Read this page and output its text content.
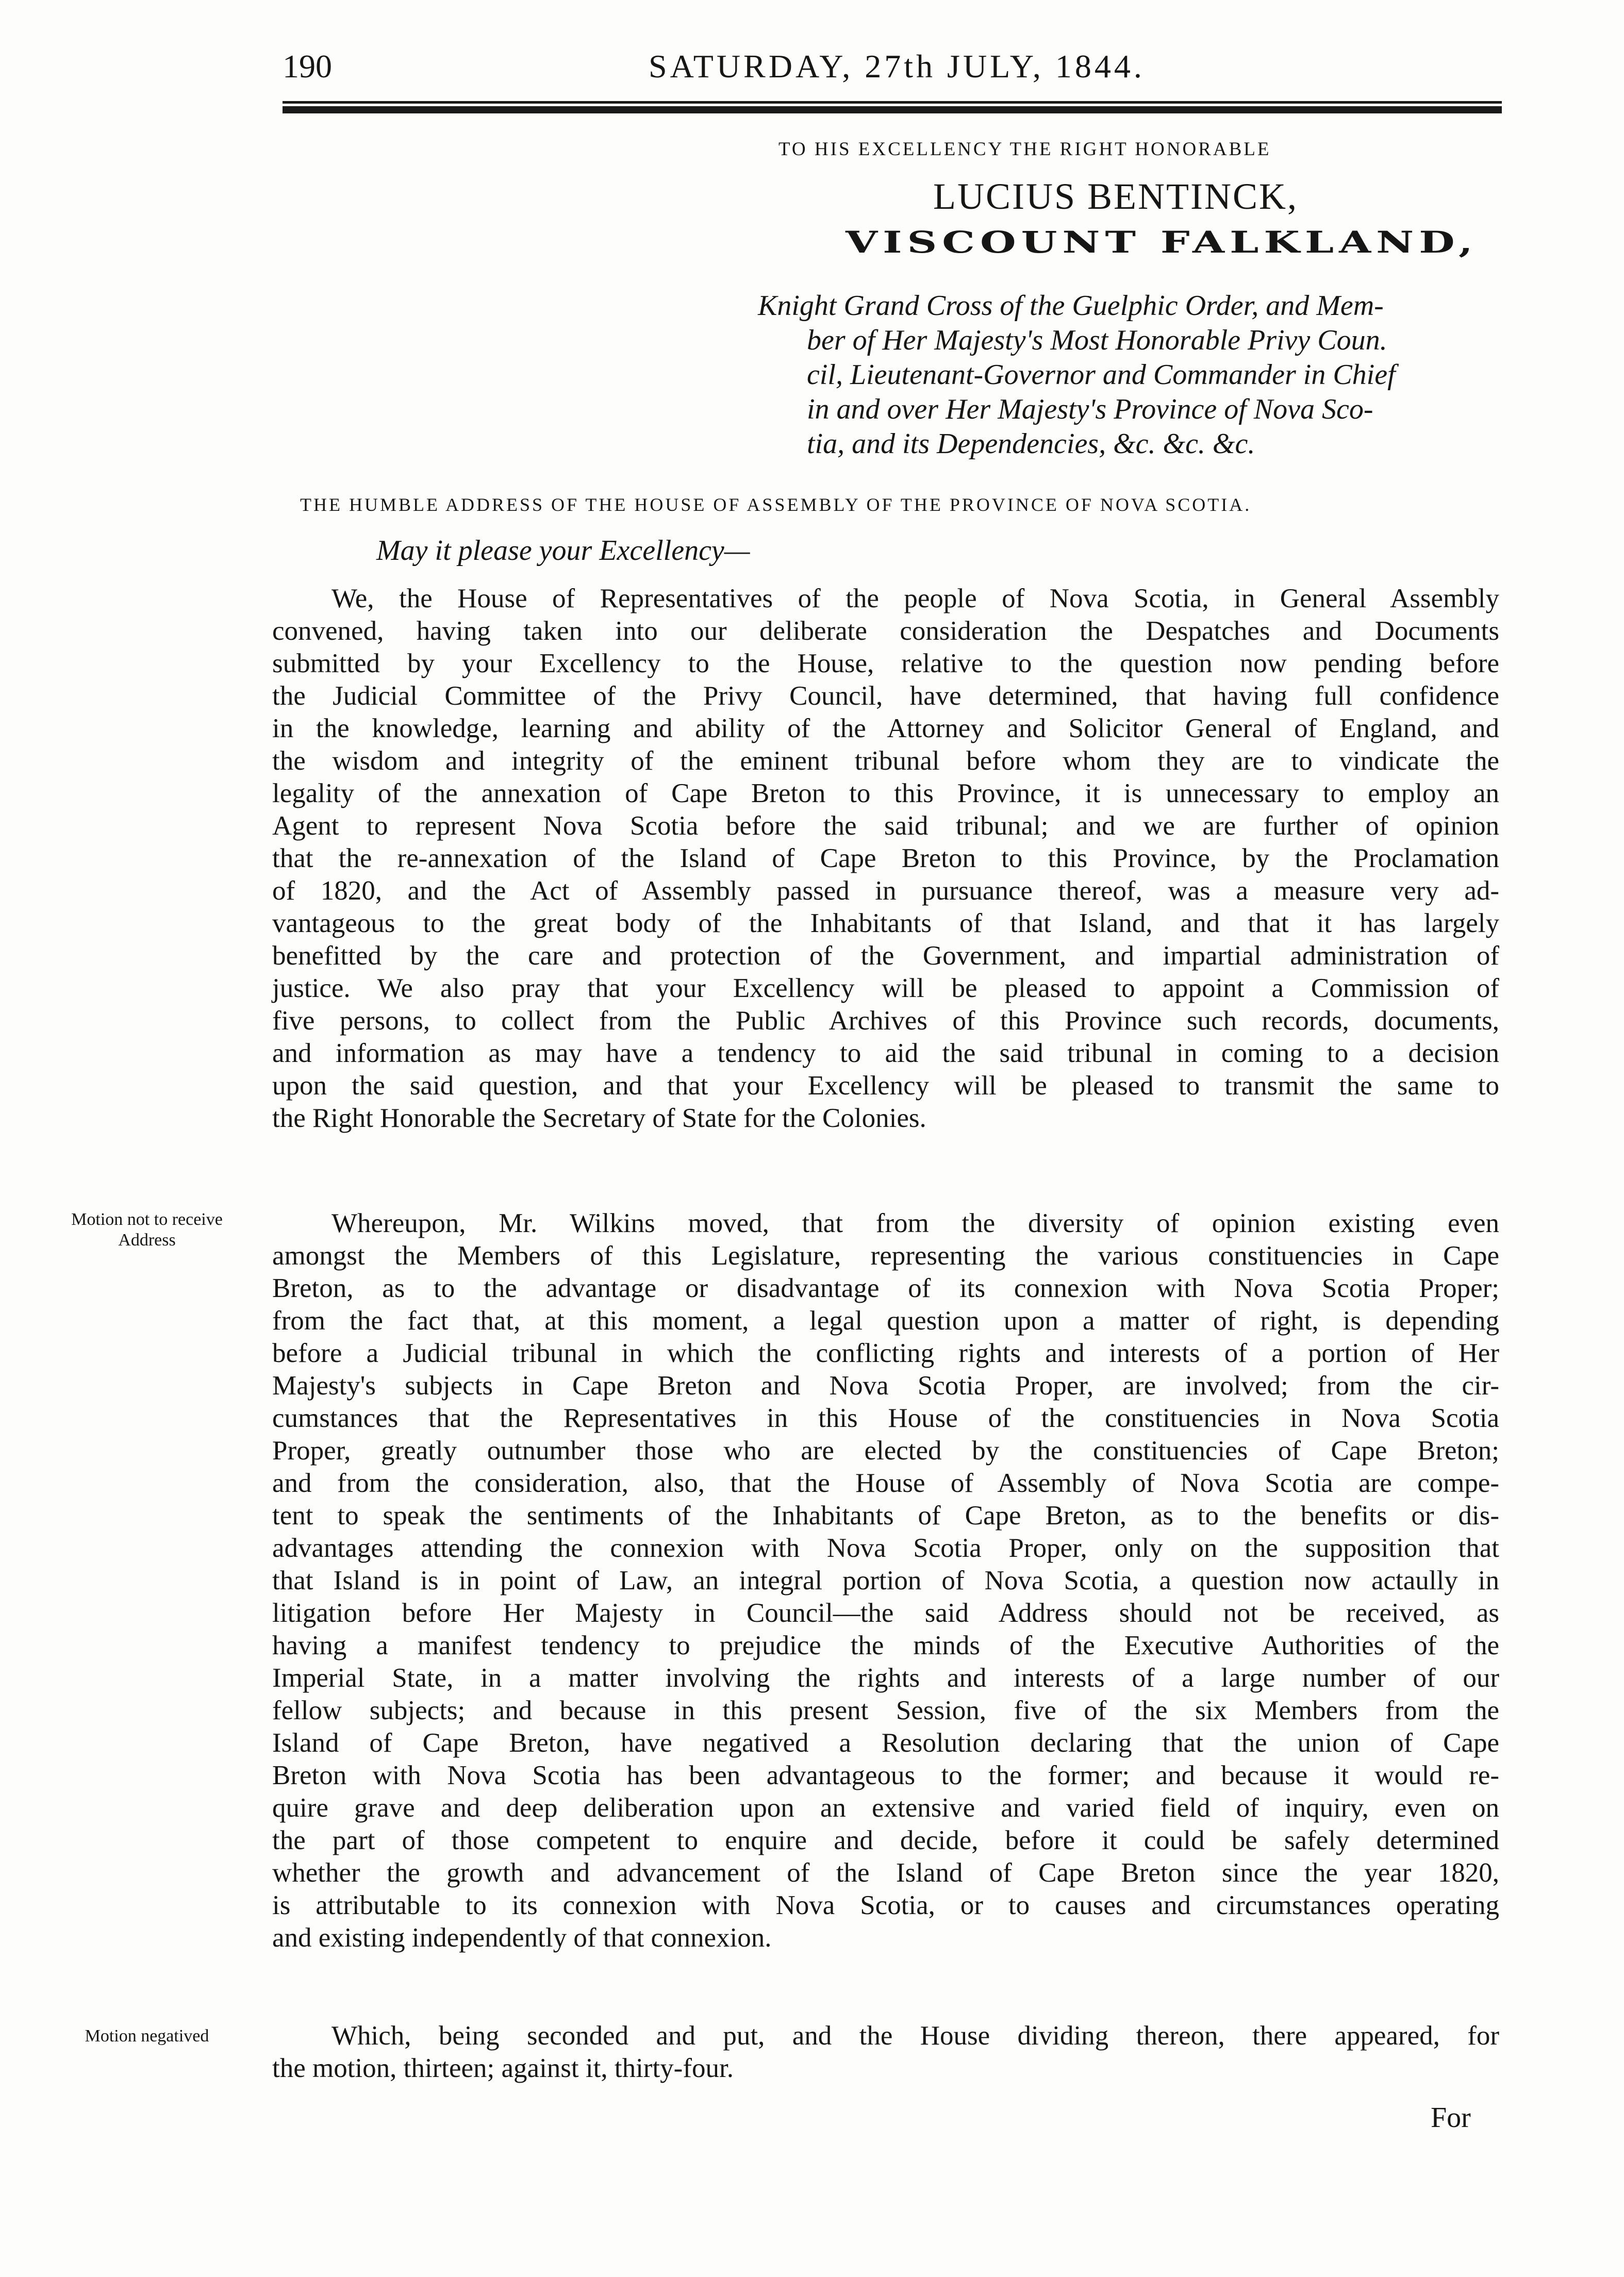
190	SATURDAY, 27th JULY, 1844.
TO HIS EXCELLENCY THE RIGHT HONORABLE
LUCIUS BENTINCK,
VISCOUNT FALKLAND,
Knight Grand Cross of the Guelphic Order, and Mem-
ber of Her Majesty's Most Honorable Privy Coun.
cil, Lieutenant-Governor and Commander in Chief
in and over Her Majesty's Province of Nova Sco-
tia, and its Dependencies, &c. &c. &c.
THE HUMBLE ADDRESS OF THE HOUSE OF ASSEMBLY OF THE PROVINCE OF NOVA SCOTIA.
May it please your Excellency—
We, the House of Representatives of the people of Nova Scotia, in General Assembly
convened, having taken into our deliberate consideration the Despatches and Documents
submitted by your Excellency to the House, relative to the question now pending before
the Judicial Committee of the Privy Council, have determined, that having full confidence
in the knowledge, learning and ability of the Attorney and Solicitor General of England, and
the wisdom and integrity of the eminent tribunal before whom they are to vindicate the
legality of the annexation of Cape Breton to this Province, it is unnecessary to employ an
Agent to represent Nova Scotia before the said tribunal; and we are further of opinion
that the re-annexation of the Island of Cape Breton to this Province, by the Proclamation
of 1820, and the Act of Assembly passed in pursuance thereof, was a measure very ad-
vantageous to the great body of the Inhabitants of that Island, and that it has largely
benefitted by the care and protection of the Government, and impartial administration of
justice. We also pray that your Excellency will be pleased to appoint a Commission of
five persons, to collect from the Public Archives of this Province such records, documents,
and information as may have a tendency to aid the said tribunal in coming to a decision
upon the said question, and that your Excellency will be pleased to transmit the same to
the Right Honorable the Secretary of State for the Colonies.
Motion not to receive Address
Whereupon, Mr. Wilkins moved, that from the diversity of opinion existing even
amongst the Members of this Legislature, representing the various constituencies in Cape
Breton, as to the advantage or disadvantage of its connexion with Nova Scotia Proper;
from the fact that, at this moment, a legal question upon a matter of right, is depending
before a Judicial tribunal in which the conflicting rights and interests of a portion of Her
Majesty's subjects in Cape Breton and Nova Scotia Proper, are involved; from the cir-
cumstances that the Representatives in this House of the constituencies in Nova Scotia
Proper, greatly outnumber those who are elected by the constituencies of Cape Breton;
and from the consideration, also, that the House of Assembly of Nova Scotia are compe-
tent to speak the sentiments of the Inhabitants of Cape Breton, as to the benefits or dis-
advantages attending the connexion with Nova Scotia Proper, only on the supposition that
that Island is in point of Law, an integral portion of Nova Scotia, a question now actaully in
litigation before Her Majesty in Council—the said Address should not be received, as
having a manifest tendency to prejudice the minds of the Executive Authorities of the
Imperial State, in a matter involving the rights and interests of a large number of our
fellow subjects; and because in this present Session, five of the six Members from the
Island of Cape Breton, have negatived a Resolution declaring that the union of Cape
Breton with Nova Scotia has been advantageous to the former; and because it would re-
quire grave and deep deliberation upon an extensive and varied field of inquiry, even on
the part of those competent to enquire and decide, before it could be safely determined
whether the growth and advancement of the Island of Cape Breton since the year 1820,
is attributable to its connexion with Nova Scotia, or to causes and circumstances operating
and existing independently of that connexion.
Motion negatived	Which, being seconded and put, and the House dividing thereon, there appeared, for
the motion, thirteen; against it, thirty-four.
For
